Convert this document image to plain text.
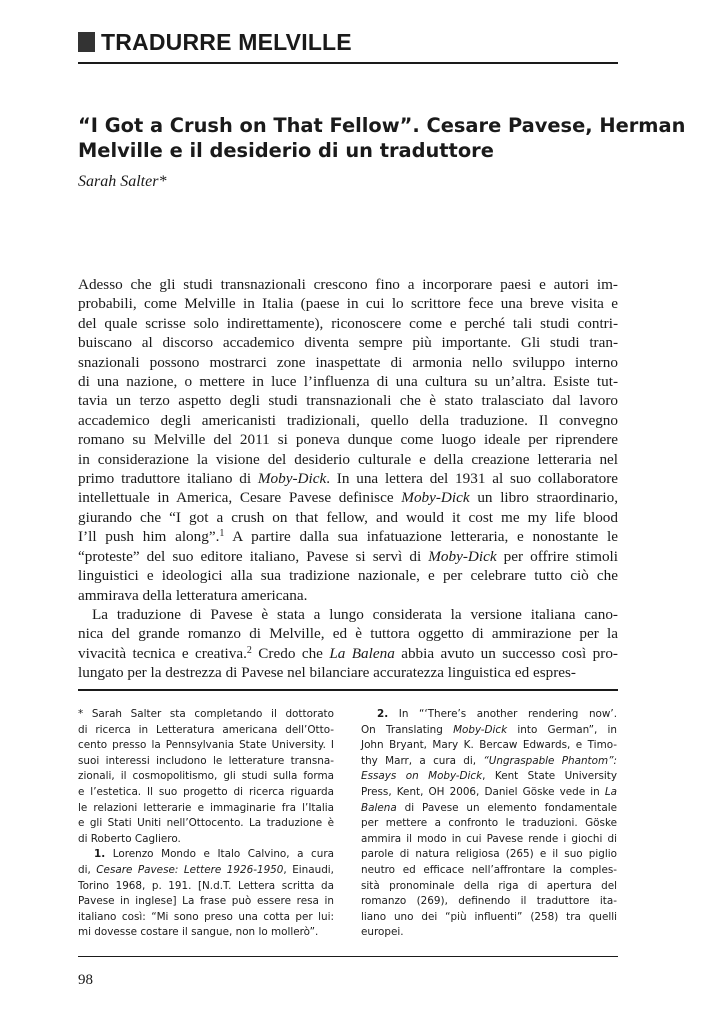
TRADURRE MELVILLE
“I Got a Crush on That Fellow”. Cesare Pavese, Herman
Melville e il desiderio di un traduttore
Sarah Salter*
Adesso che gli studi transnazionali crescono fino a incorporare paesi e autori im-
probabili, come Melville in Italia (paese in cui lo scrittore fece una breve visita e
del quale scrisse solo indirettamente), riconoscere come e perché tali studi contri-
buiscano al discorso accademico diventa sempre più importante. Gli studi tran-
snazionali possono mostrarci zone inaspettate di armonia nello sviluppo interno
di una nazione, o mettere in luce l’influenza di una cultura su un’altra. Esiste tut-
tavia un terzo aspetto degli studi transnazionali che è stato tralasciato dal lavoro
accademico degli americanisti tradizionali, quello della traduzione. Il convegno
romano su Melville del 2011 si poneva dunque come luogo ideale per riprendere
in considerazione la visione del desiderio culturale e della creazione letteraria nel
primo traduttore italiano di Moby-Dick. In una lettera del 1931 al suo collaboratore
intellettuale in America, Cesare Pavese definisce Moby-Dick un libro straordinario,
giurando che “I got a crush on that fellow, and would it cost me my life blood
I’ll push him along”.$^1$ A partire dalla sua infatuazione letteraria, e nonostante le
“proteste” del suo editore italiano, Pavese si servì di Moby-Dick per offrire stimoli
linguistici e ideologici alla sua tradizione nazionale, e per celebrare tutto ciò che
ammirava della letteratura americana.
La traduzione di Pavese è stata a lungo considerata la versione italiana cano-
nica del grande romanzo di Melville, ed è tuttora oggetto di ammirazione per la
vivacità tecnica e creativa.$^2$ Credo che La Balena abbia avuto un successo così pro-
lungato per la destrezza di Pavese nel bilanciare accuratezza linguistica ed espres-
* Sarah Salter sta completando il dottorato
di ricerca in Letteratura americana dell’Otto-
cento presso la Pennsylvania State University. I
suoi interessi includono le letterature transna-
zionali, il cosmopolitismo, gli studi sulla forma
e l’estetica. Il suo progetto di ricerca riguarda
le relazioni letterarie e immaginarie fra l’Italia
e gli Stati Uniti nell’Ottocento. La traduzione è
di Roberto Cagliero.
1. Lorenzo Mondo e Italo Calvino, a cura
di, Cesare Pavese: Lettere 1926-1950, Einaudi,
Torino 1968, p. 191. [N.d.T. Lettera scritta da
Pavese in inglese] La frase può essere resa in
italiano così: “Mi sono preso una cotta per lui:
mi dovesse costare il sangue, non lo mollerò”.
2. In “‘There’s another rendering now’.
On Translating Moby-Dick into German”, in
John Bryant, Mary K. Bercaw Edwards, e Timo-
thy Marr, a cura di, “Ungraspable Phantom”:
Essays on Moby-Dick, Kent State University
Press, Kent, OH 2006, Daniel Göske vede in La
Balena di Pavese un elemento fondamentale
per mettere a confronto le traduzioni. Göske
ammira il modo in cui Pavese rende i giochi di
parole di natura religiosa (265) e il suo piglio
neutro ed efficace nell’affrontare la comples-
sità pronominale della riga di apertura del
romanzo (269), definendo il traduttore ita-
liano uno dei “più influenti” (258) tra quelli
europei.
98
